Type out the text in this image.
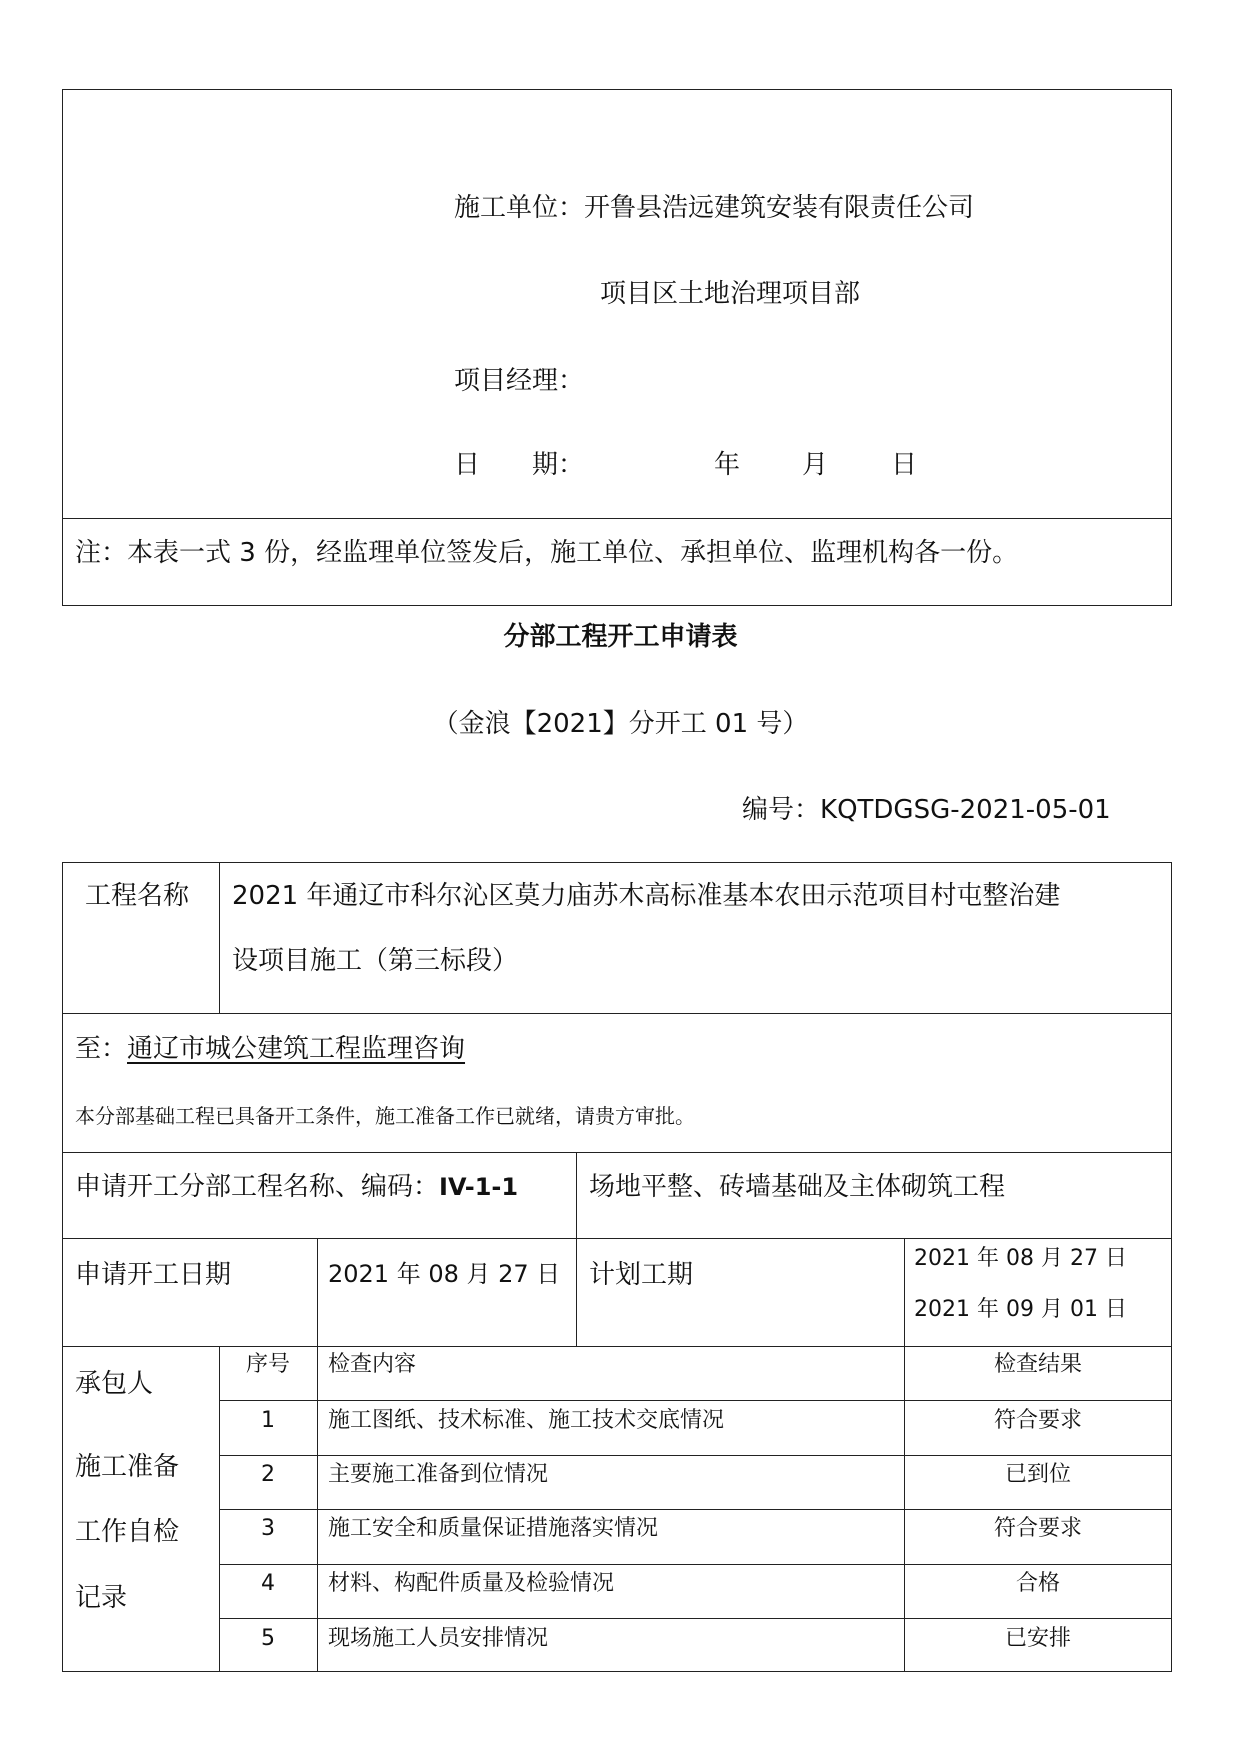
施工单位：开鲁县浩远建筑安装有限责任公司
项目区土地治理项目部
项目经理：
日　　期：	年 月 日
注：本表一式 3 份，经监理单位签发后，施工单位、承担单位、监理机构各一份。
分部工程开工申请表
（金浪【2021】分开工 01 号）
编号：KQTDGSG-2021-05-01
工程名称 2021 年通辽市科尔沁区莫力庙苏木高标准基本农田示范项目村屯整治建
设项目施工（第三标段）
至：通辽市城公建筑工程监理咨询
本分部基础工程已具备开工条件，施工准备工作已就绪，请贵方审批。
申请开工分部工程名称、编码：IV-1-1	场地平整、砖墙基础及主体砌筑工程
申请开工日期	2021 年 08 月 27 日 计划工期
2021 年 08 月 27 日
2021 年 09 月 01 日
承包人
施工准备
工作自检
记录
序号	检查内容	检查结果
1	施工图纸、技术标准、施工技术交底情况	符合要求
2	主要施工准备到位情况	已到位
3	施工安全和质量保证措施落实情况	符合要求
4	材料、构配件质量及检验情况	合格
5	现场施工人员安排情况	已安排
